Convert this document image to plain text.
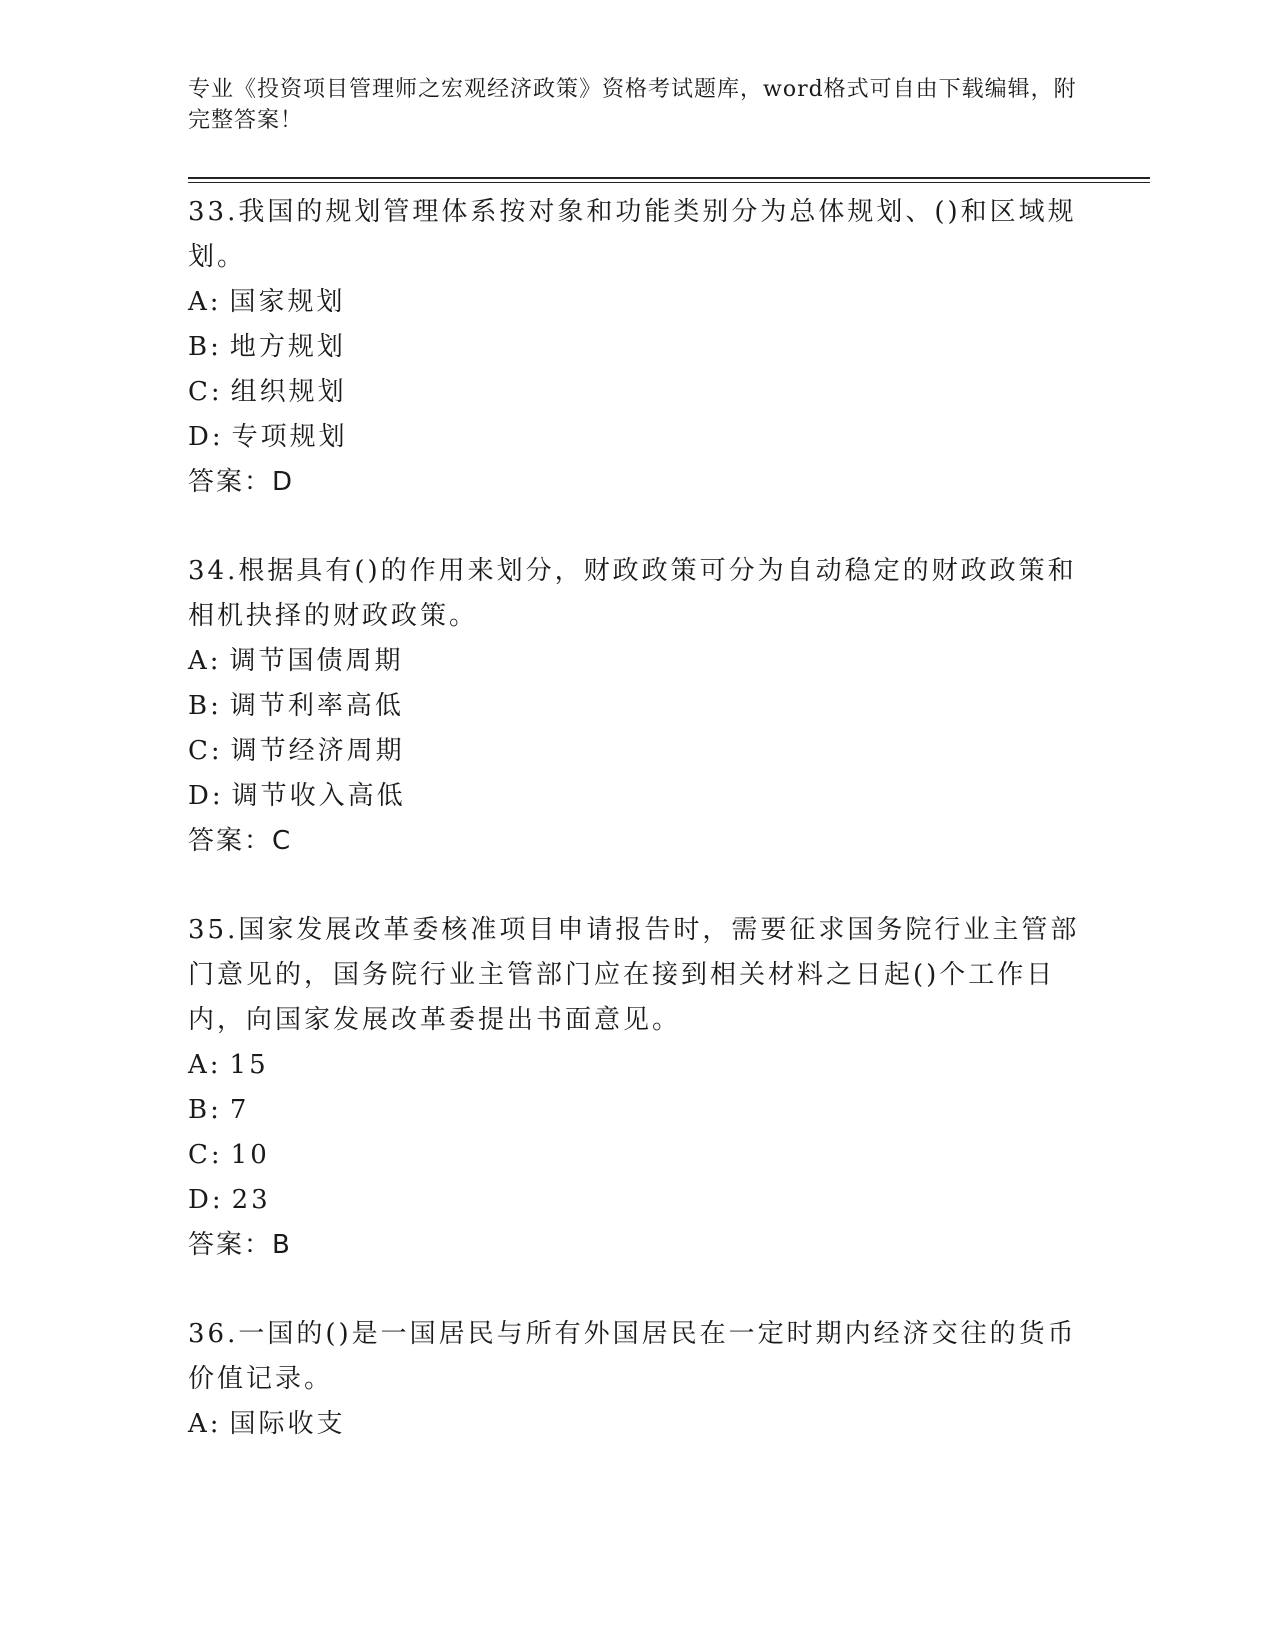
专业《投资项目管理师之宏观经济政策》资格考试题库，word格式可自由下载编辑，附完整答案！
33.我国的规划管理体系按对象和功能类别分为总体规划、()和区域规划。
A: 国家规划
B: 地方规划
C: 组织规划
D: 专项规划
答案：D
34.根据具有()的作用来划分，财政政策可分为自动稳定的财政政策和相机抉择的财政政策。
A: 调节国债周期
B: 调节利率高低
C: 调节经济周期
D: 调节收入高低
答案：C
35.国家发展改革委核准项目申请报告时，需要征求国务院行业主管部门意见的，国务院行业主管部门应在接到相关材料之日起()个工作日内，向国家发展改革委提出书面意见。
A: 15
B: 7
C: 10
D: 23
答案：B
36.一国的()是一国居民与所有外国居民在一定时期内经济交往的货币价值记录。
A: 国际收支
